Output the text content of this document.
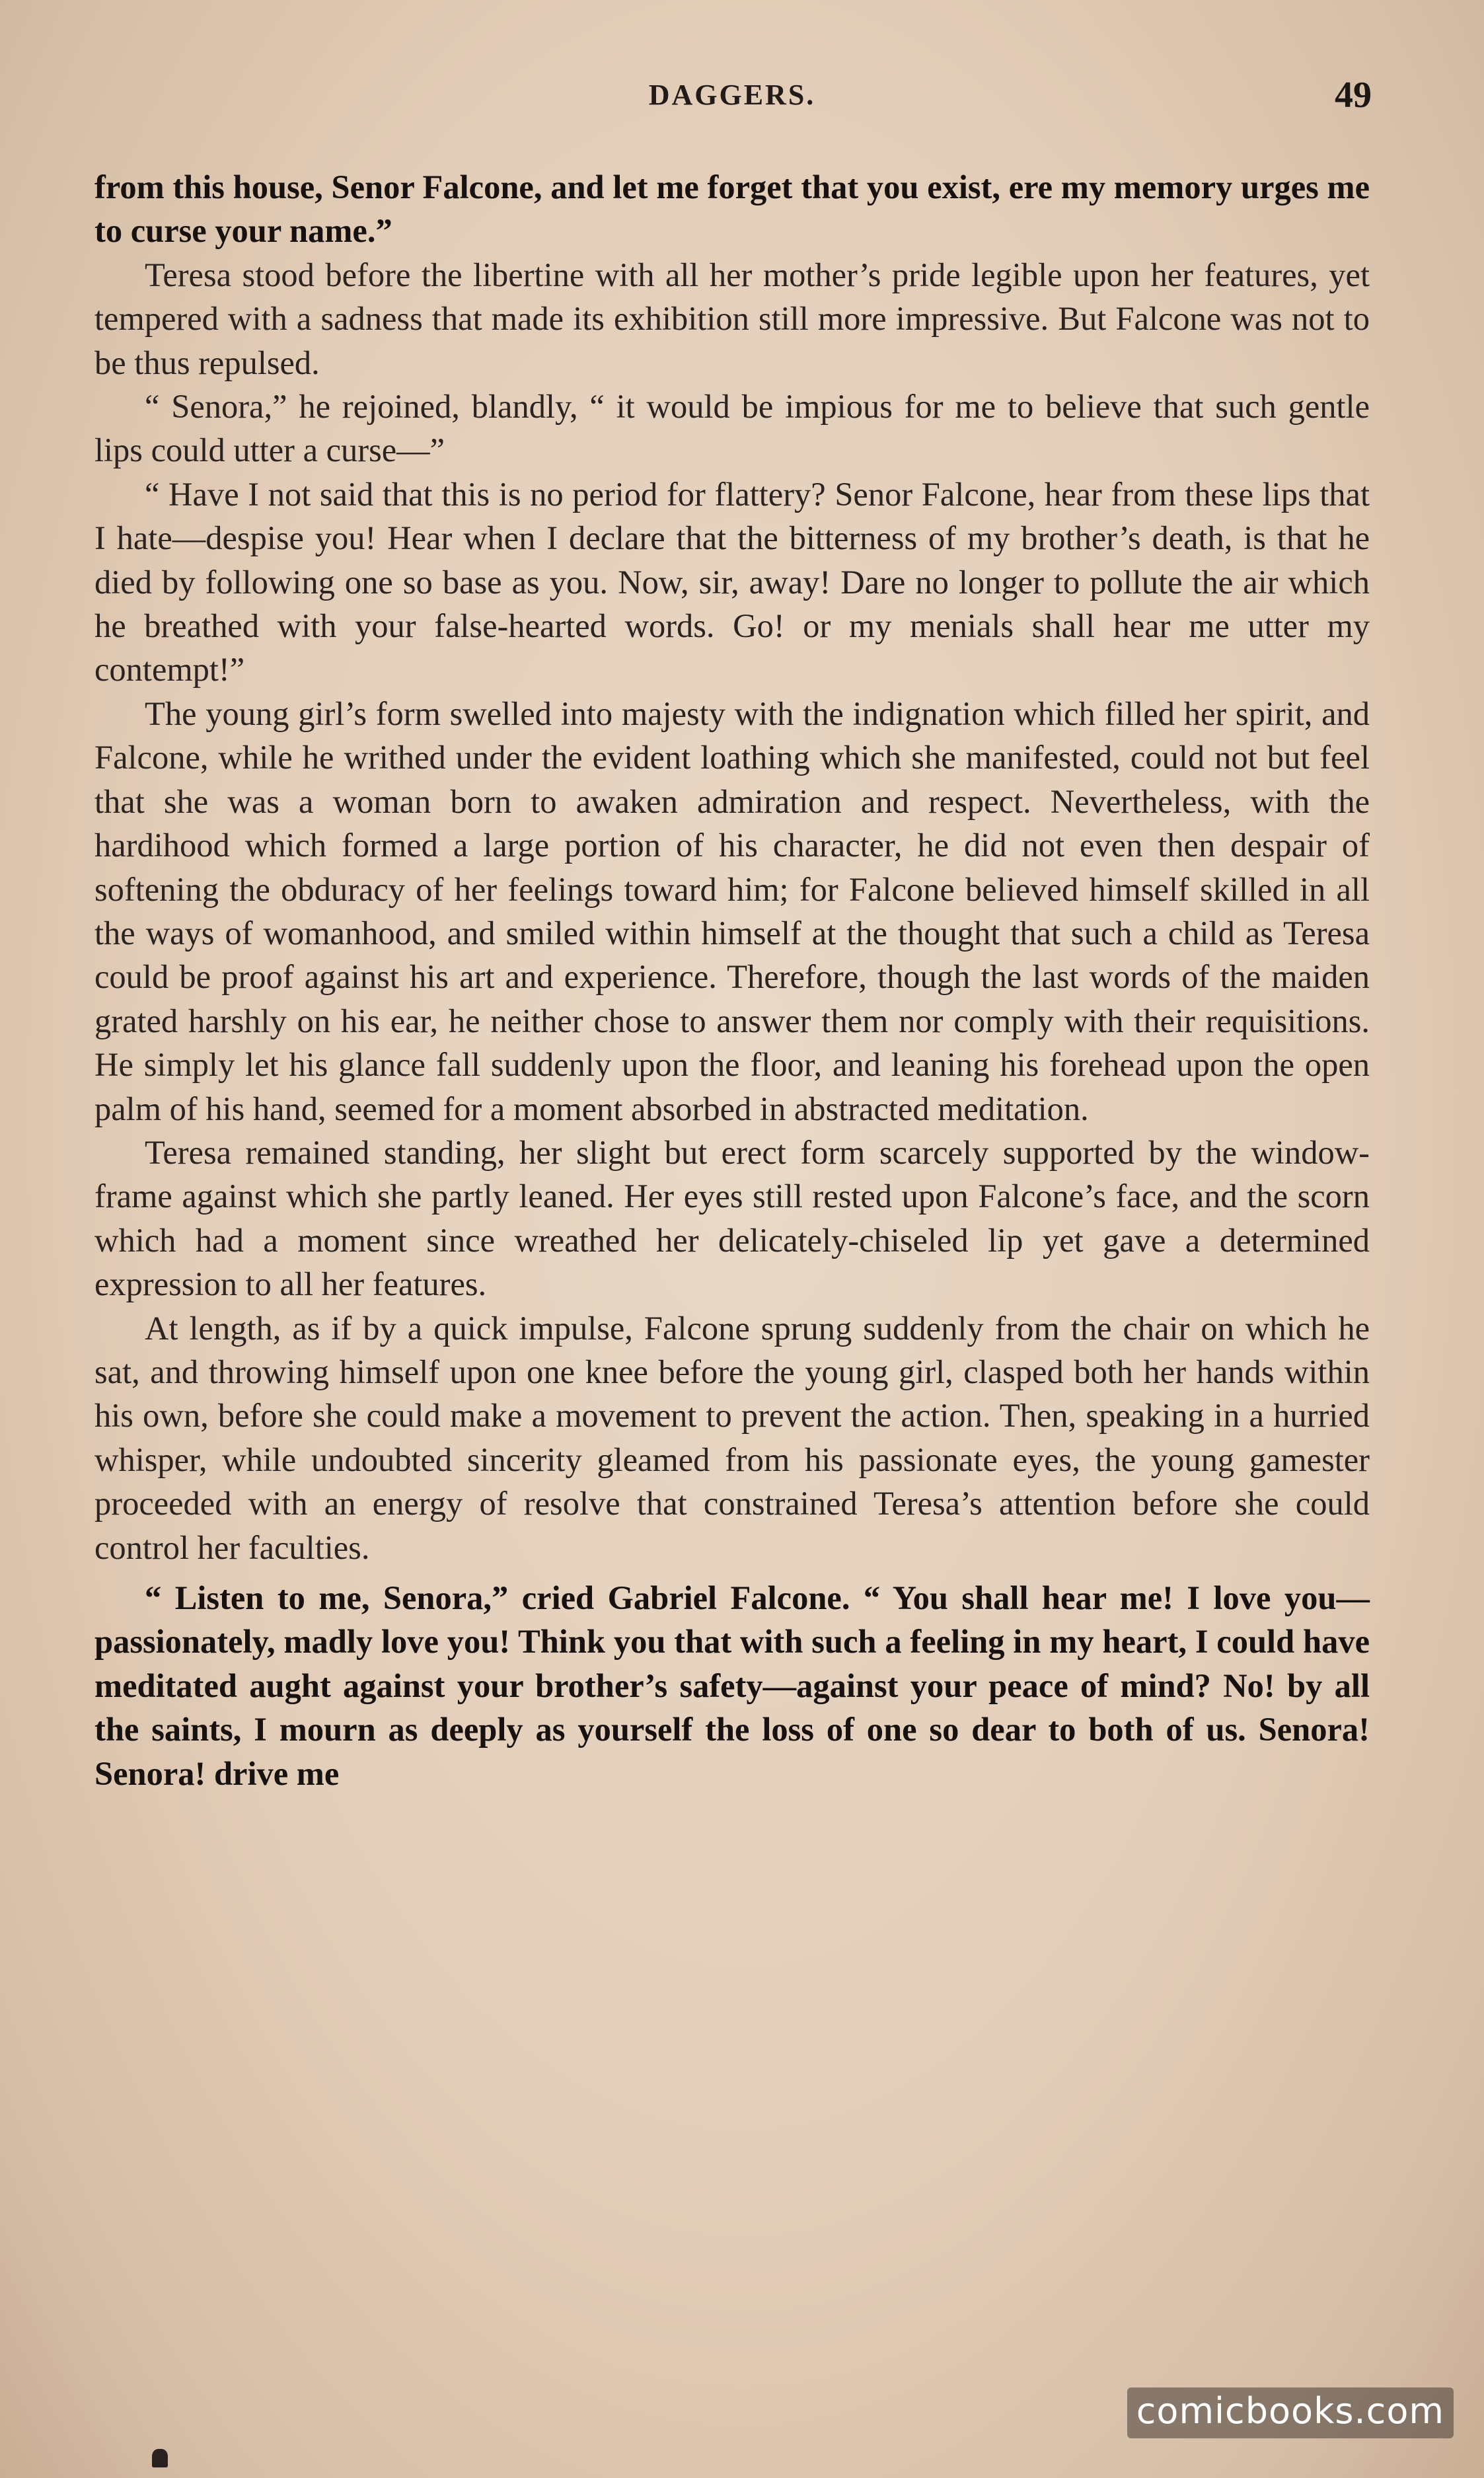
DAGGERS.	49

from this house, Senor Falcone, and let me forget that you exist, ere my memory urges me to curse your name.”

Teresa stood before the libertine with all her mother’s pride legible upon her features, yet tempered with a sadness that made its exhibition still more impressive. But Falcone was not to be thus repulsed.

“ Senora,” he rejoined, blandly, “ it would be impious for me to believe that such gentle lips could utter a curse—”

“ Have I not said that this is no period for flattery? Senor Falcone, hear from these lips that I hate—despise you! Hear when I declare that the bitterness of my brother’s death, is that he died by following one so base as you. Now, sir, away! Dare no longer to pollute the air which he breathed with your false-hearted words. Go! or my menials shall hear me utter my contempt!”

The young girl’s form swelled into majesty with the indignation which filled her spirit, and Falcone, while he writhed under the evident loathing which she manifested, could not but feel that she was a woman born to awaken admiration and respect. Nevertheless, with the hardihood which formed a large portion of his character, he did not even then despair of softening the obduracy of her feelings toward him; for Falcone believed himself skilled in all the ways of womanhood, and smiled within himself at the thought that such a child as Teresa could be proof against his art and experience. Therefore, though the last words of the maiden grated harshly on his ear, he neither chose to answer them nor comply with their requisitions. He simply let his glance fall suddenly upon the floor, and leaning his forehead upon the open palm of his hand, seemed for a moment absorbed in abstracted meditation.

Teresa remained standing, her slight but erect form scarcely supported by the window-frame against which she partly leaned. Her eyes still rested upon Falcone’s face, and the scorn which had a moment since wreathed her delicately-chiseled lip yet gave a determined expression to all her features.

At length, as if by a quick impulse, Falcone sprung suddenly from the chair on which he sat, and throwing himself upon one knee before the young girl, clasped both her hands within his own, before she could make a movement to prevent the action. Then, speaking in a hurried whisper, while undoubted sincerity gleamed from his passionate eyes, the young gamester proceeded with an energy of resolve that constrained Teresa’s attention before she could control her faculties.

“ Listen to me, Senora,” cried Gabriel Falcone. “ You shall hear me! I love you—passionately, madly love you! Think you that with such a feeling in my heart, I could have meditated aught against your brother’s safety—against your peace of mind? No! by all the saints, I mourn as deeply as yourself the loss of one so dear to both of us. Senora! Senora! drive me

comicbooks.com
